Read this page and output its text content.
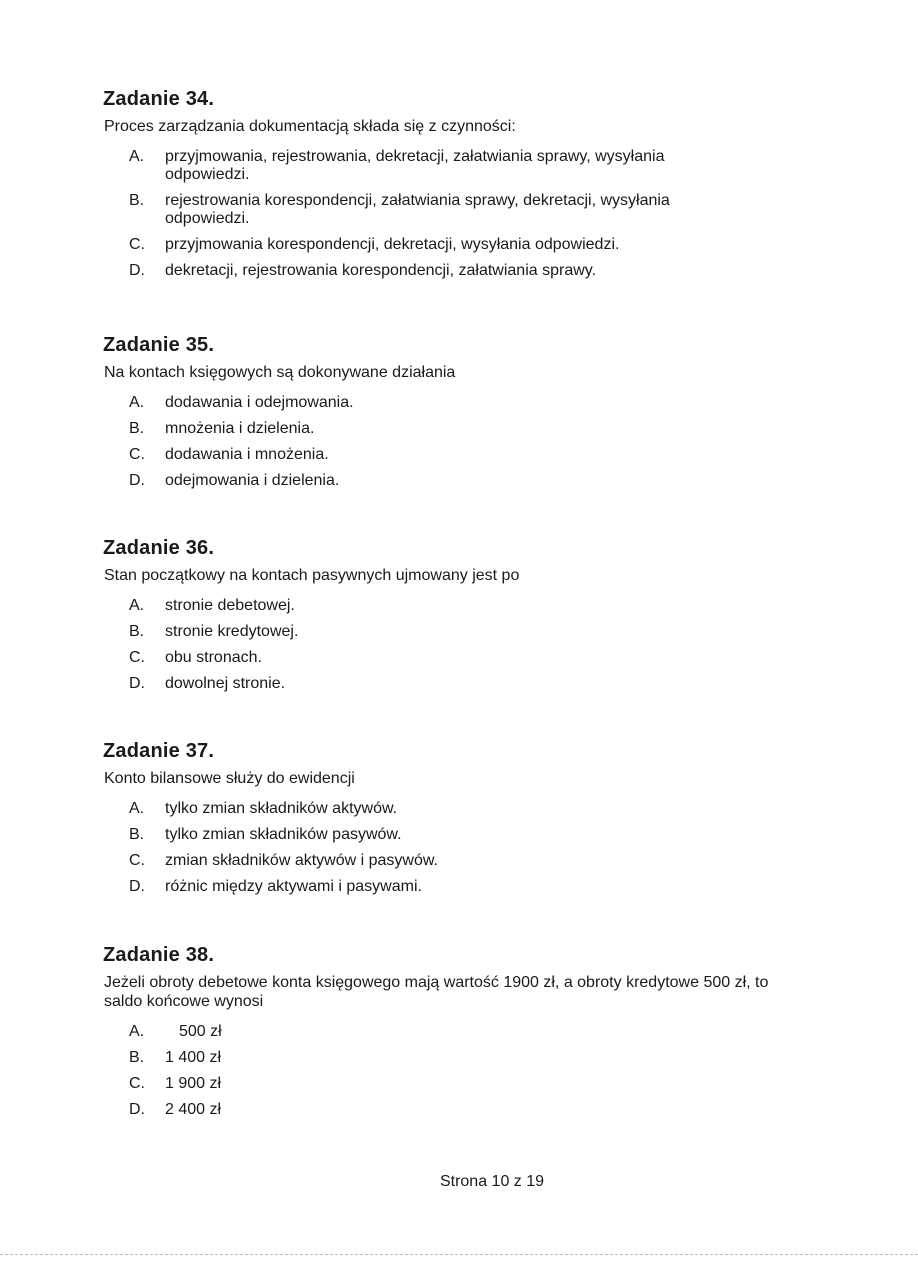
Zadanie 34.

Proces zarządzania dokumentacją składa się z czynności:

A.	przyjmowania, rejestrowania, dekretacji, załatwiania sprawy, wysyłania odpowiedzi.
B.	rejestrowania korespondencji, załatwiania sprawy, dekretacji, wysyłania odpowiedzi.
C.	przyjmowania korespondencji, dekretacji, wysyłania odpowiedzi.
D.	dekretacji, rejestrowania korespondencji, załatwiania sprawy.
Zadanie 35.

Na kontach księgowych są dokonywane działania

A.	dodawania i odejmowania.
B.	mnożenia i dzielenia.
C.	dodawania i mnożenia.
D.	odejmowania i dzielenia.
Zadanie 36.

Stan początkowy na kontach pasywnych ujmowany jest po

A.	stronie debetowej.
B.	stronie kredytowej.
C.	obu stronach.
D.	dowolnej stronie.
Zadanie 37.

Konto bilansowe służy do ewidencji

A.	tylko zmian składników aktywów.
B.	tylko zmian składników pasywów.
C.	zmian składników aktywów i pasywów.
D.	różnic między aktywami i pasywami.
Zadanie 38.

Jeżeli obroty debetowe konta księgowego mają wartość 1900 zł, a obroty kredytowe 500 zł, to saldo końcowe wynosi

A.	500 zł
B.	1 400 zł
C.	1 900 zł
D.	2 400 zł
Strona 10 z 19
